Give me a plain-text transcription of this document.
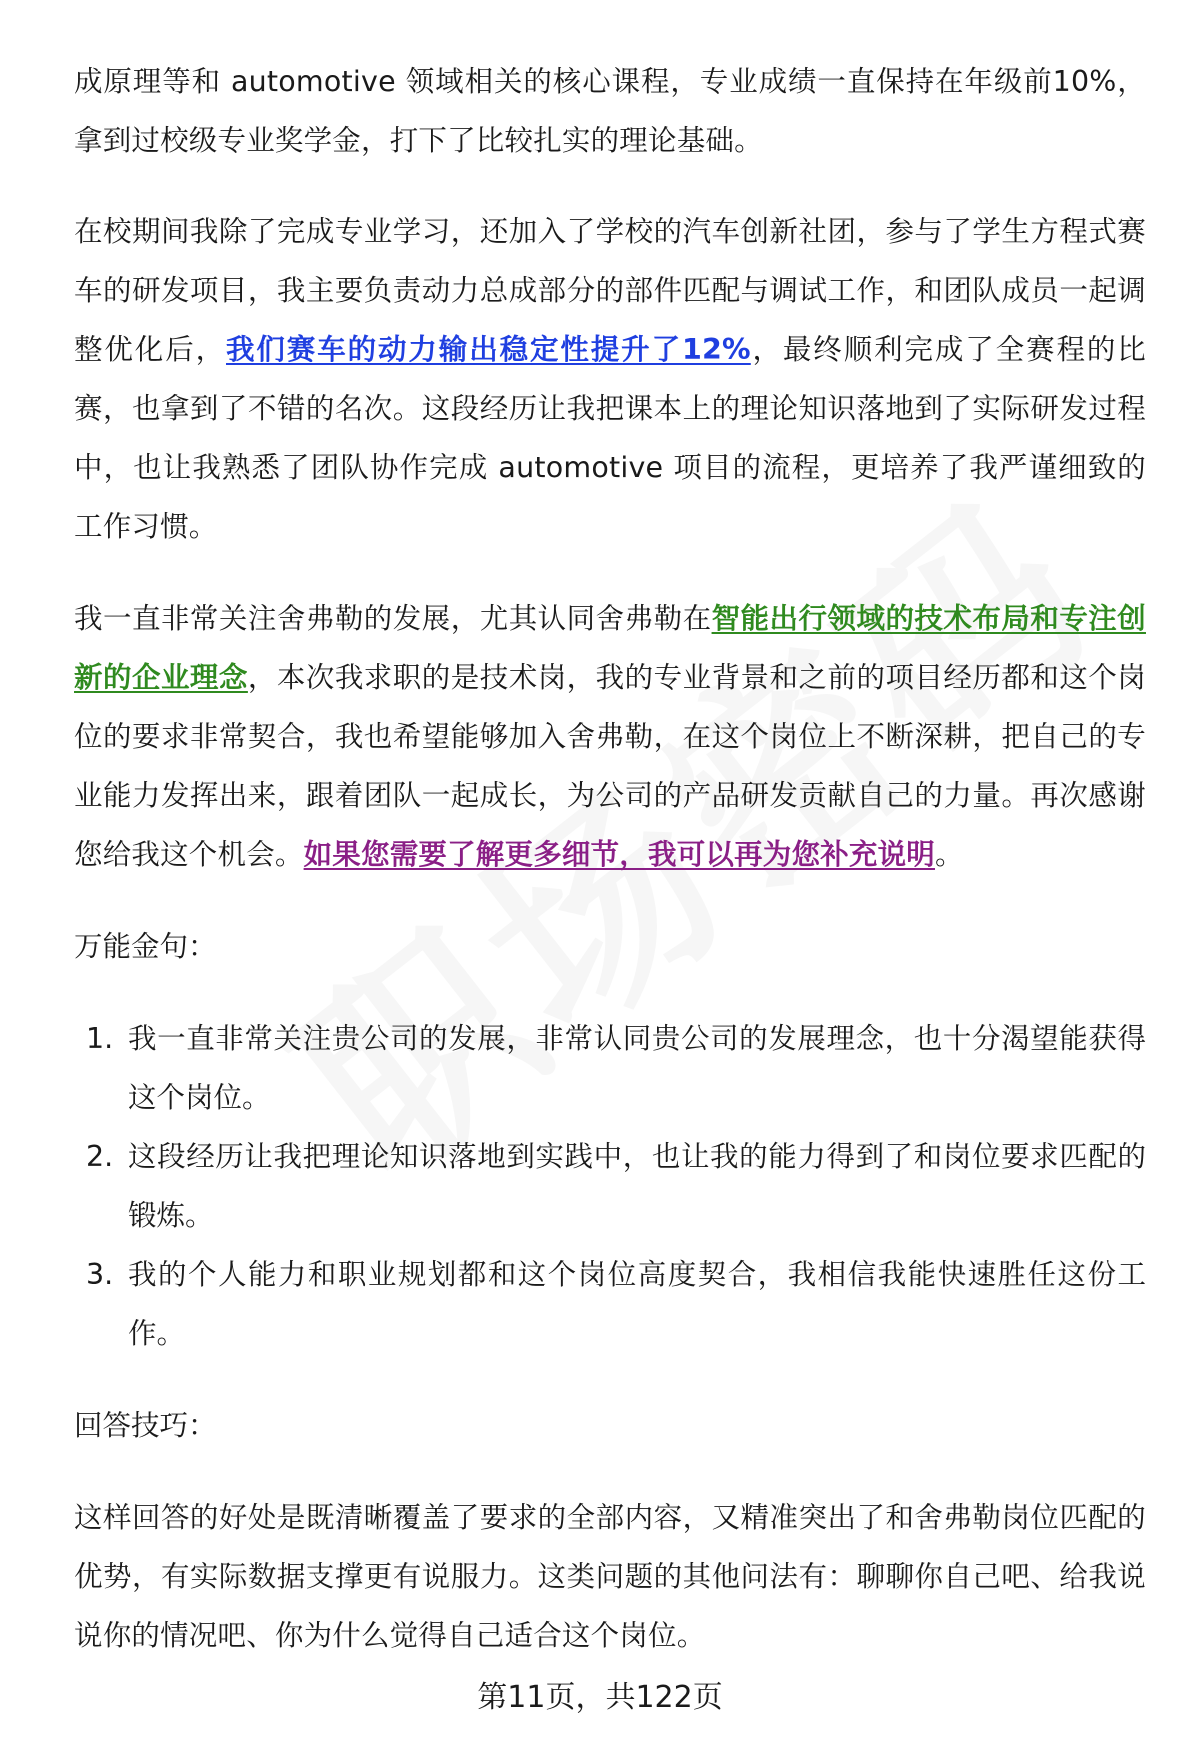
成原理等和 automotive 领域相关的核心课程，专业成绩一直保持在年级前10%，拿到过校级专业奖学金，打下了比较扎实的理论基础。

在校期间我除了完成专业学习，还加入了学校的汽车创新社团，参与了学生方程式赛车的研发项目，我主要负责动力总成部分的部件匹配与调试工作，和团队成员一起调整优化后，我们赛车的动力输出稳定性提升了12%，最终顺利完成了全赛程的比赛，也拿到了不错的名次。这段经历让我把课本上的理论知识落地到了实际研发过程中，也让我熟悉了团队协作完成 automotive 项目的流程，更培养了我严谨细致的工作习惯。

我一直非常关注舍弗勒的发展，尤其认同舍弗勒在智能出行领域的技术布局和专注创新的企业理念，本次我求职的是技术岗，我的专业背景和之前的项目经历都和这个岗位的要求非常契合，我也希望能够加入舍弗勒，在这个岗位上不断深耕，把自己的专业能力发挥出来，跟着团队一起成长，为公司的产品研发贡献自己的力量。再次感谢您给我这个机会。如果您需要了解更多细节，我可以再为您补充说明。

万能金句：
1. 我一直非常关注贵公司的发展，非常认同贵公司的发展理念，也十分渴望能获得这个岗位。
2. 这段经历让我把理论知识落地到实践中，也让我的能力得到了和岗位要求匹配的锻炼。
3. 我的个人能力和职业规划都和这个岗位高度契合，我相信我能快速胜任这份工作。
回答技巧：

这样回答的好处是既清晰覆盖了要求的全部内容，又精准突出了和舍弗勒岗位匹配的优势，有实际数据支撑更有说服力。这类问题的其他问法有：聊聊你自己吧、给我说说你的情况吧、你为什么觉得自己适合这个岗位。

第11页，共122页
